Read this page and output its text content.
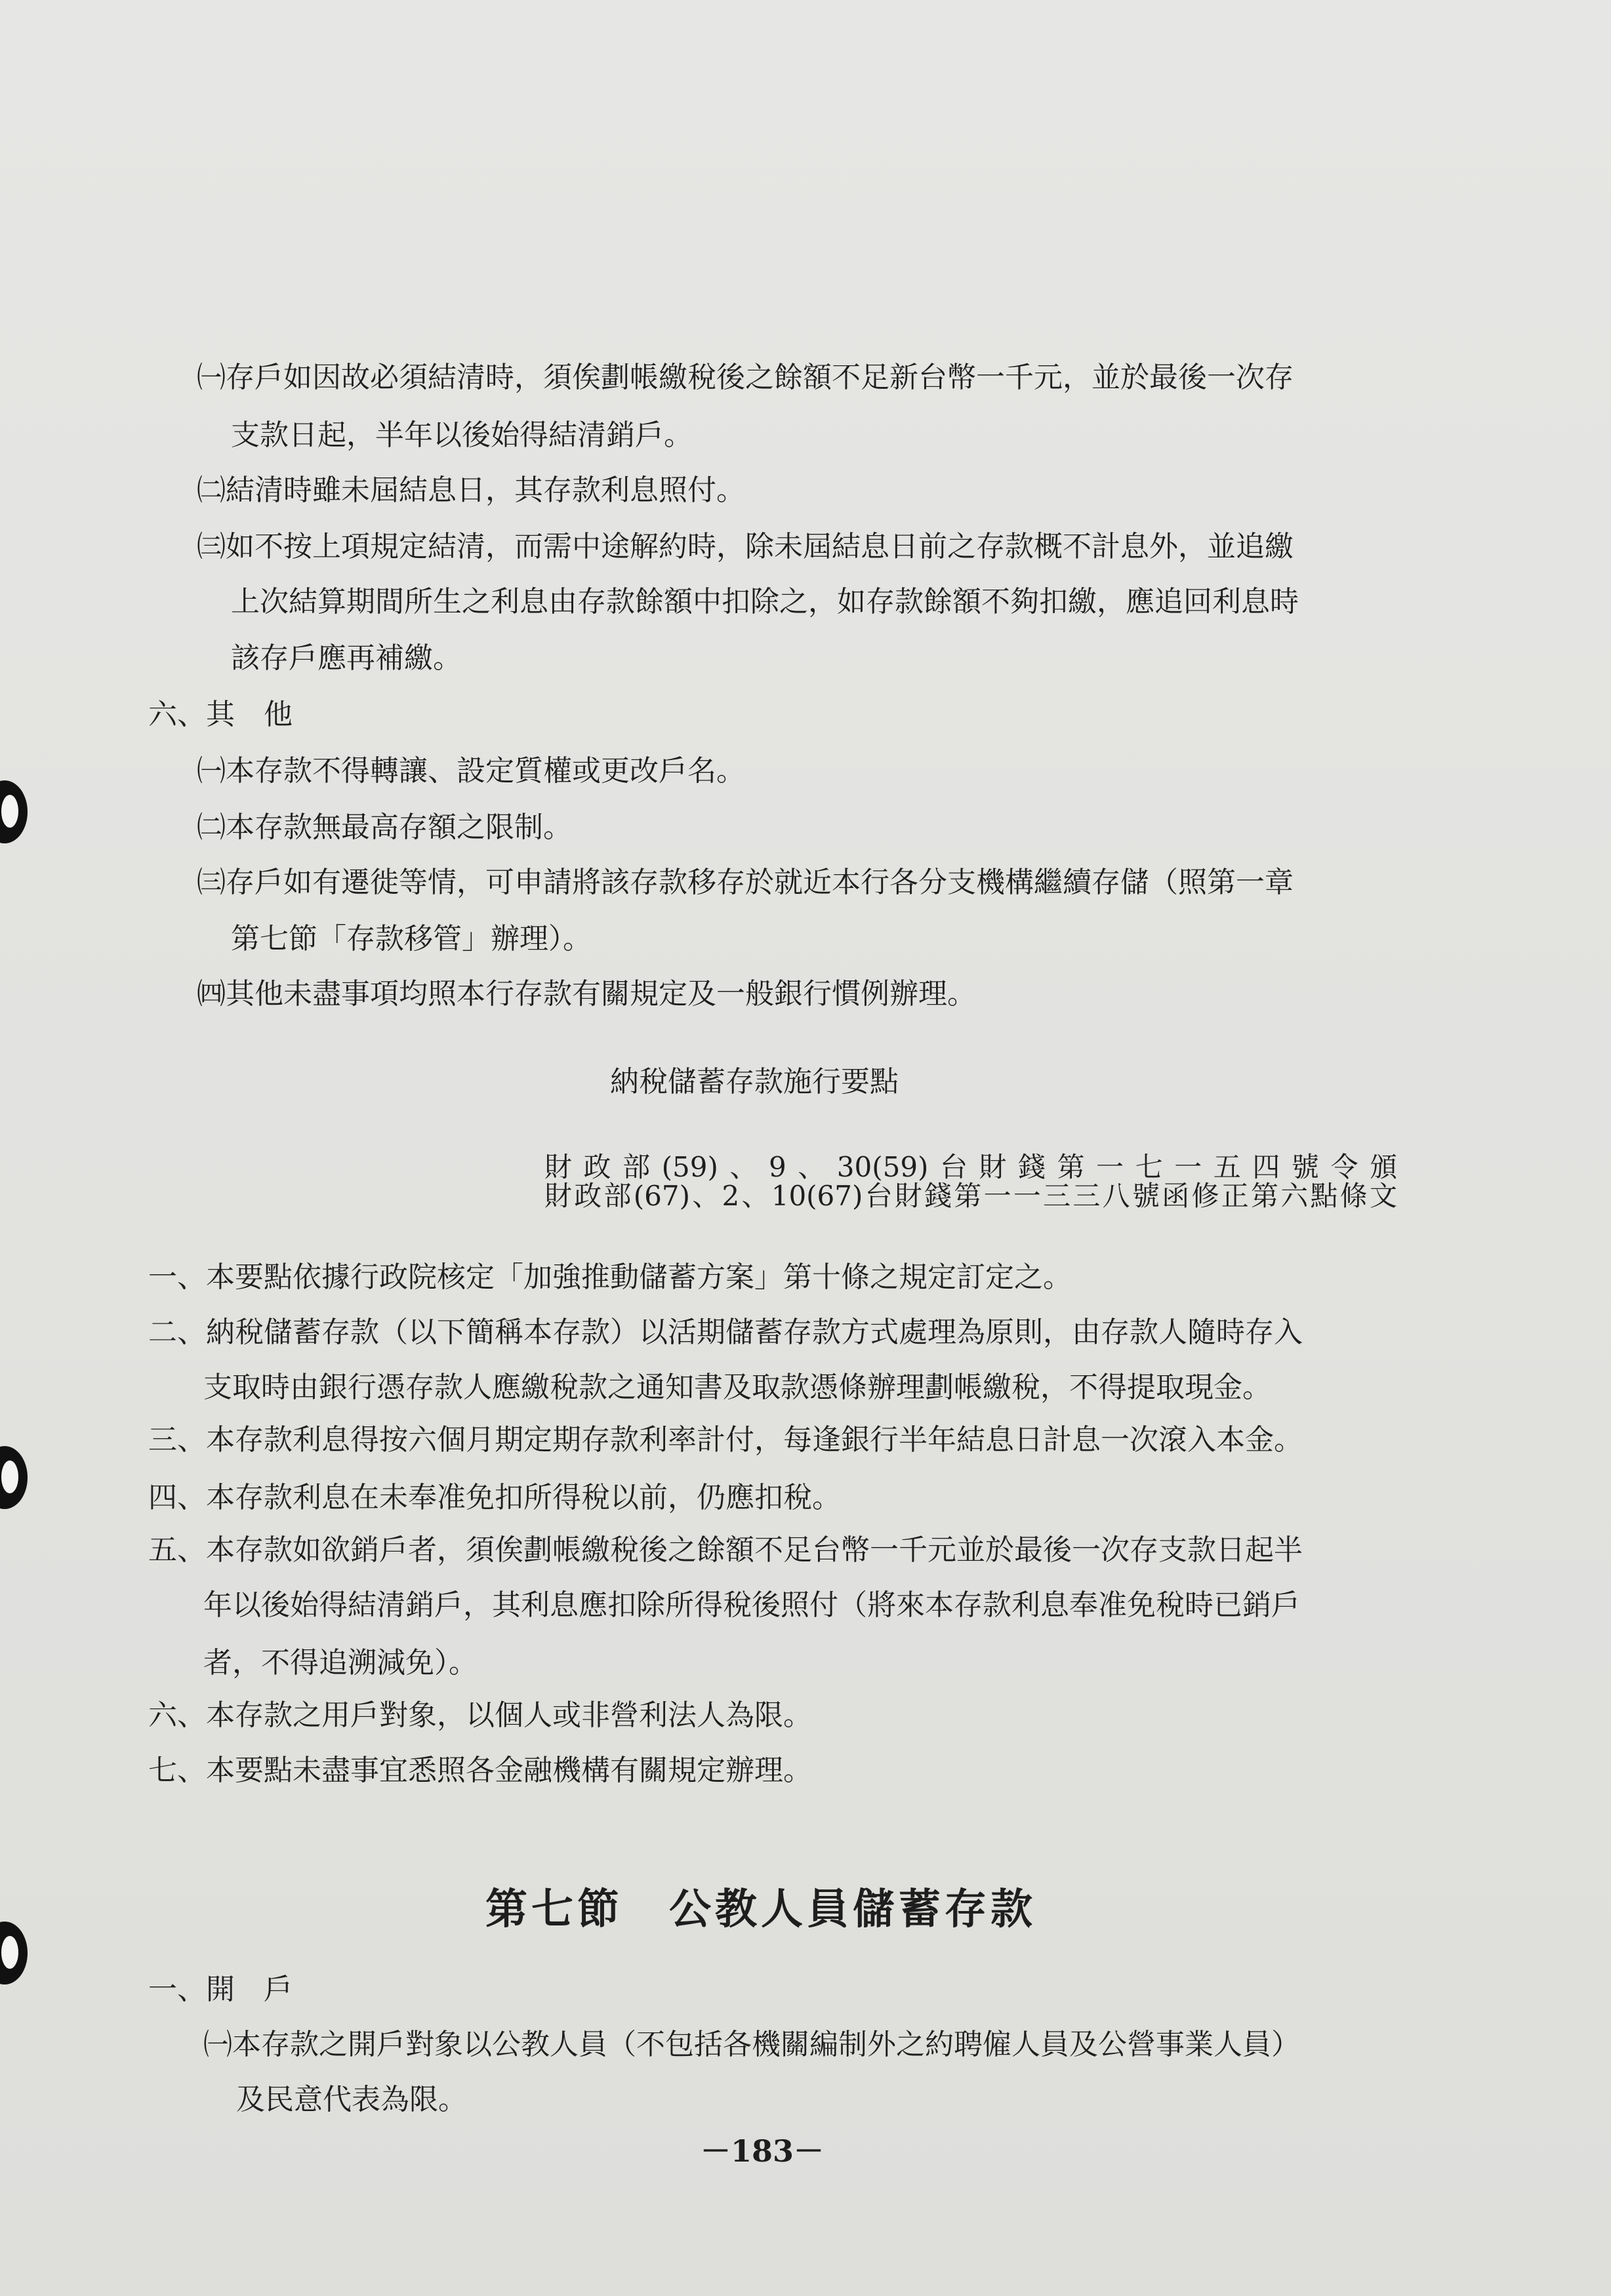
㈠存戶如因故必須結清時，須俟劃帳繳稅後之餘額不足新台幣一千元，並於最後一次存
支款日起，半年以後始得結清銷戶。
㈡結清時雖未屆結息日，其存款利息照付。
㈢如不按上項規定結清，而需中途解約時，除未屆結息日前之存款概不計息外，並追繳
上次結算期間所生之利息由存款餘額中扣除之，如存款餘額不夠扣繳，應追回利息時
該存戶應再補繳。
六、其　他
㈠本存款不得轉讓、設定質權或更改戶名。
㈡本存款無最高存額之限制。
㈢存戶如有遷徙等情，可申請將該存款移存於就近本行各分支機構繼續存儲（照第一章
第七節「存款移管」辦理）。
㈣其他未盡事項均照本行存款有關規定及一般銀行慣例辦理。
納稅儲蓄存款施行要點
財政部(59)、9、30(59)台財錢第一七一五四號令頒
財政部(67)、2、10(67)台財錢第一一三三八號函修正第六點條文
一、本要點依據行政院核定「加強推動儲蓄方案」第十條之規定訂定之。
二、納稅儲蓄存款（以下簡稱本存款）以活期儲蓄存款方式處理為原則，由存款人隨時存入
支取時由銀行憑存款人應繳稅款之通知書及取款憑條辦理劃帳繳稅，不得提取現金。
三、本存款利息得按六個月期定期存款利率計付，每逢銀行半年結息日計息一次滾入本金。
四、本存款利息在未奉准免扣所得稅以前，仍應扣稅。
五、本存款如欲銷戶者，須俟劃帳繳稅後之餘額不足台幣一千元並於最後一次存支款日起半
年以後始得結清銷戶，其利息應扣除所得稅後照付（將來本存款利息奉准免稅時已銷戶
者，不得追溯減免）。
六、本存款之用戶對象，以個人或非營利法人為限。
七、本要點未盡事宜悉照各金融機構有關規定辦理。
第七節　公教人員儲蓄存款
一、開　戶
㈠本存款之開戶對象以公教人員（不包括各機關編制外之約聘僱人員及公營事業人員）
及民意代表為限。
－183－
